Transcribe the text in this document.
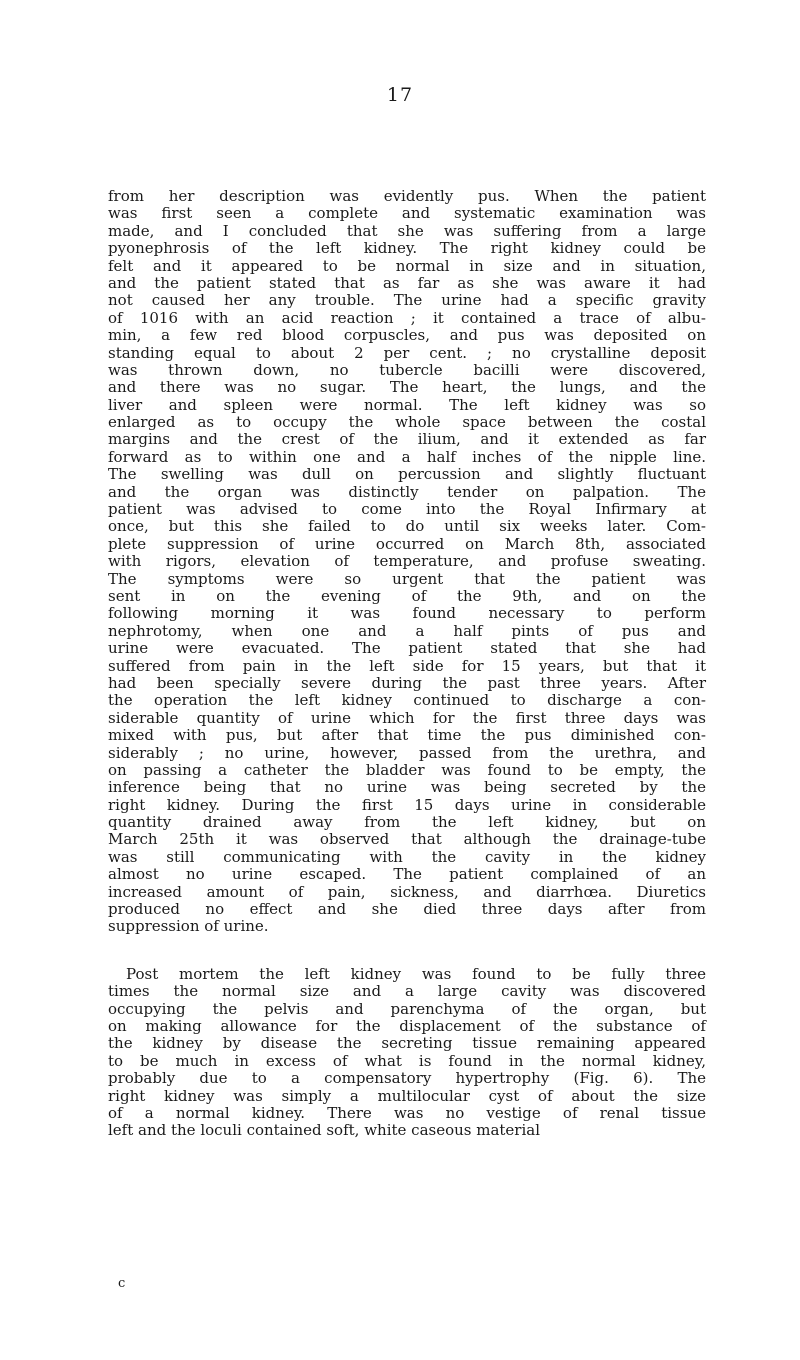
17
from her description was evidently pus. When the patient
was first seen a complete and systematic examination was
made, and I concluded that she was suffering from a large
pyonephrosis of the left kidney. The right kidney could be
felt and it appeared to be normal in size and in situation,
and the patient stated that as far as she was aware it had
not caused her any trouble. The urine had a specific gravity
of 1016 with an acid reaction ; it contained a trace of albu-
min, a few red blood corpuscles, and pus was deposited on
standing equal to about 2 per cent. ; no crystalline deposit
was thrown down, no tubercle bacilli were discovered,
and there was no sugar. The heart, the lungs, and the
liver and spleen were normal. The left kidney was so
enlarged as to occupy the whole space between the costal
margins and the crest of the ilium, and it extended as far
forward as to within one and a half inches of the nipple line.
The swelling was dull on percussion and slightly fluctuant
and the organ was distinctly tender on palpation. The
patient was advised to come into the Royal Infirmary at
once, but this she failed to do until six weeks later. Com-
plete suppression of urine occurred on March 8th, associated
with rigors, elevation of temperature, and profuse sweating.
The symptoms were so urgent that the patient was
sent in on the evening of the 9th, and on the
following morning it was found necessary to perform
nephrotomy, when one and a half pints of pus and
urine were evacuated. The patient stated that she had
suffered from pain in the left side for 15 years, but that it
had been specially severe during the past three years. After
the operation the left kidney continued to discharge a con-
siderable quantity of urine which for the first three days was
mixed with pus, but after that time the pus diminished con-
siderably ; no urine, however, passed from the urethra, and
on passing a catheter the bladder was found to be empty, the
inference being that no urine was being secreted by the
right kidney. During the first 15 days urine in considerable
quantity drained away from the left kidney, but on
March 25th it was observed that although the drainage-tube
was still communicating with the cavity in the kidney
almost no urine escaped. The patient complained of an
increased amount of pain, sickness, and diarrhœa. Diuretics
produced no effect and she died three days after from
suppression of urine.
Post mortem the left kidney was found to be fully three
times the normal size and a large cavity was discovered
occupying the pelvis and parenchyma of the organ, but
on making allowance for the displacement of the substance of
the kidney by disease the secreting tissue remaining appeared
to be much in excess of what is found in the normal kidney,
probably due to a compensatory hypertrophy (Fig. 6). The
right kidney was simply a multilocular cyst of about the size
of a normal kidney. There was no vestige of renal tissue
left and the loculi contained soft, white caseous material
c
